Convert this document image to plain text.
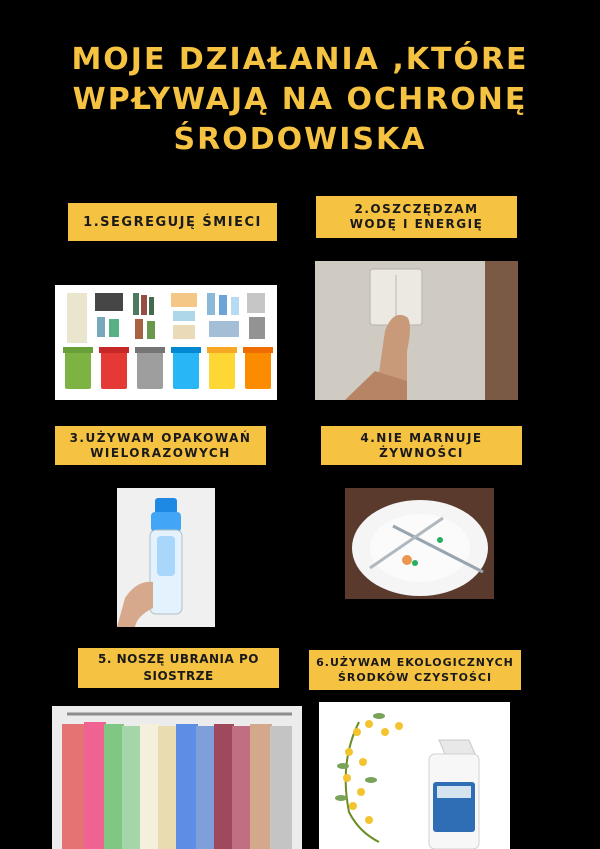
MOJE DZIAŁANIA ,KTÓRE
WPŁYWAJĄ NA OCHRONĘ
ŚRODOWISKA
1.SEGREGUJĘ ŚMIECI
2.OSZCZĘDZAM
WODĘ I ENERGIĘ
3.UŻYWAM OPAKOWAŃ
WIELORAZOWYCH
4.NIE MARNUJE
ŻYWNOŚCI
5. NOSZĘ UBRANIA PO
SIOSTRZE
6.UŻYWAM EKOLOGICZNYCH
ŚRODKÓW CZYSTOŚCI
